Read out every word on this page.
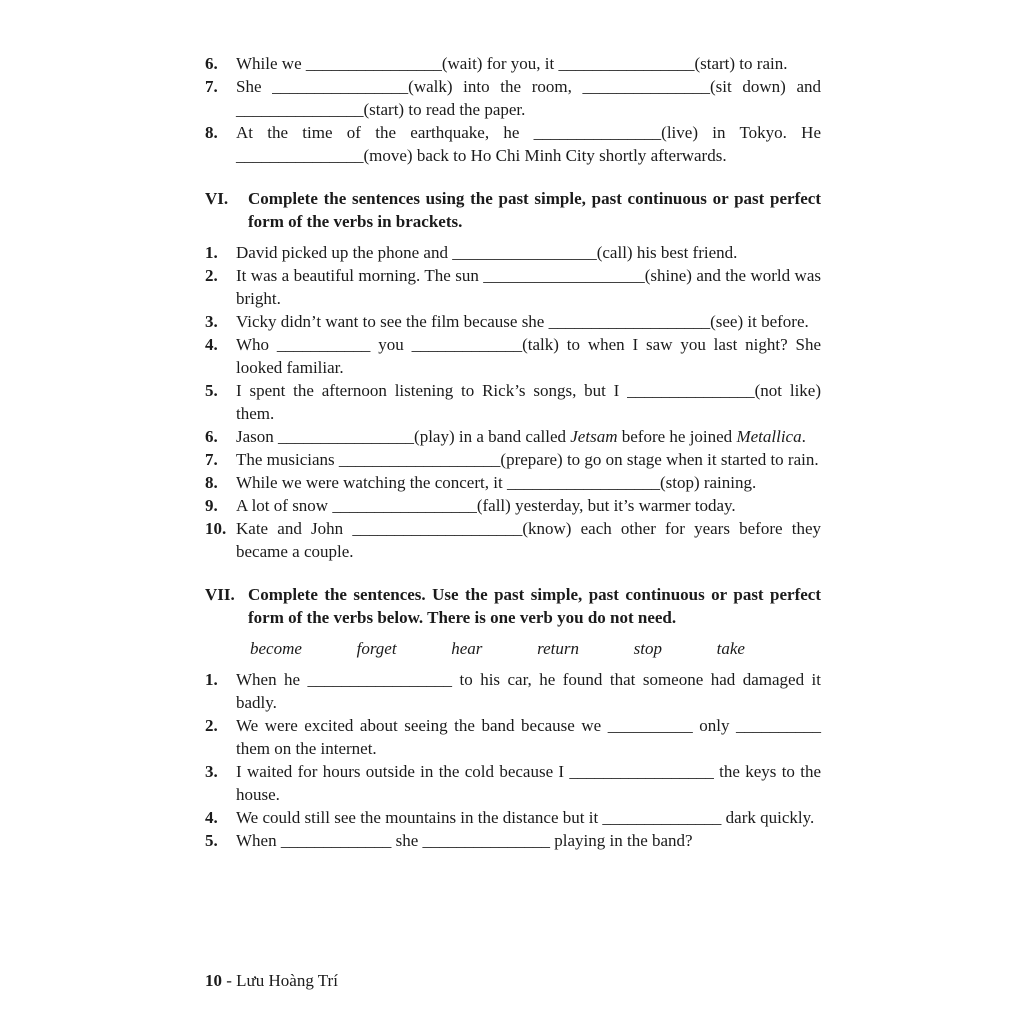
6.	While we ________________(wait) for you, it ________________(start) to rain.
7.	She ________________(walk) into the room, _______________(sit down) and _______________(start) to read the paper.
8.	At the time of the earthquake, he _______________(live) in Tokyo. He _______________(move) back to Ho Chi Minh City shortly afterwards.
VI.	Complete the sentences using the past simple, past continuous or past perfect form of the verbs in brackets.
1.	David picked up the phone and _________________(call) his best friend.
2.	It was a beautiful morning. The sun ___________________(shine) and the world was bright.
3.	Vicky didn’t want to see the film because she ___________________(see) it before.
4.	Who ___________ you _____________(talk) to when I saw you last night? She looked familiar.
5.	I spent the afternoon listening to Rick’s songs, but I _______________(not like) them.
6.	Jason ________________(play) in a band called Jetsam before he joined Metallica.
7.	The musicians ___________________(prepare) to go on stage when it started to rain.
8.	While we were watching the concert, it __________________(stop) raining.
9.	A lot of snow _________________(fall) yesterday, but it’s warmer today.
10. Kate and John ____________________(know) each other for years before they became a couple.
VII. Complete the sentences. Use the past simple, past continuous or past perfect form of the verbs below. There is one verb you do not need.
become	forget	hear	return	stop	take
1.	When he _________________ to his car, he found that someone had damaged it badly.
2.	We were excited about seeing the band because we __________ only __________ them on the internet.
3.	I waited for hours outside in the cold because I _________________ the keys to the house.
4.	We could still see the mountains in the distance but it ______________ dark quickly.
5.	When _____________ she _______________ playing in the band?
10 - Lưu Hoàng Trí
